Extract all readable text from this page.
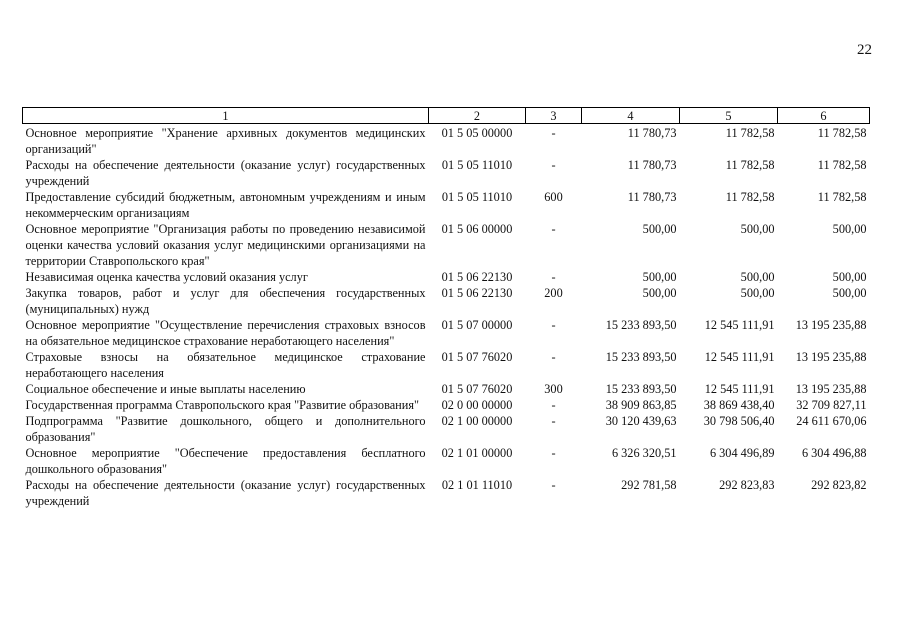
22
1	2	3	4	5	6
Основное мероприятие "Хранение архивных документов медицинских организаций"	01 5 05 00000	-	11 780,73	11 782,58	11 782,58
Расходы на обеспечение деятельности (оказание услуг) государственных учреждений	01 5 05 11010	-	11 780,73	11 782,58	11 782,58
Предоставление субсидий бюджетным, автономным учреждениям и иным некоммерческим организациям	01 5 05 11010	600	11 780,73	11 782,58	11 782,58
Основное мероприятие "Организация работы по проведению независимой оценки качества условий оказания услуг медицинскими организациями на территории Ставропольского края"	01 5 06 00000	-	500,00	500,00	500,00
Независимая оценка качества условий оказания услуг	01 5 06 22130	-	500,00	500,00	500,00
Закупка товаров, работ и услуг для обеспечения государственных (муниципальных) нужд	01 5 06 22130	200	500,00	500,00	500,00
Основное мероприятие "Осуществление перечисления страховых взносов на обязательное медицинское страхование неработающего населения"	01 5 07 00000	-	15 233 893,50	12 545 111,91	13 195 235,88
Страховые взносы на обязательное медицинское страхование неработающего населения	01 5 07 76020	-	15 233 893,50	12 545 111,91	13 195 235,88
Социальное обеспечение и иные выплаты населению	01 5 07 76020	300	15 233 893,50	12 545 111,91	13 195 235,88
Государственная программа Ставропольского края "Развитие образования"	02 0 00 00000	-	38 909 863,85	38 869 438,40	32 709 827,11
Подпрограмма "Развитие дошкольного, общего и дополнительного образования"	02 1 00 00000	-	30 120 439,63	30 798 506,40	24 611 670,06
Основное мероприятие "Обеспечение предоставления бесплатного дошкольного образования"	02 1 01 00000	-	6 326 320,51	6 304 496,89	6 304 496,88
Расходы на обеспечение деятельности (оказание услуг) государственных учреждений	02 1 01 11010	-	292 781,58	292 823,83	292 823,82
